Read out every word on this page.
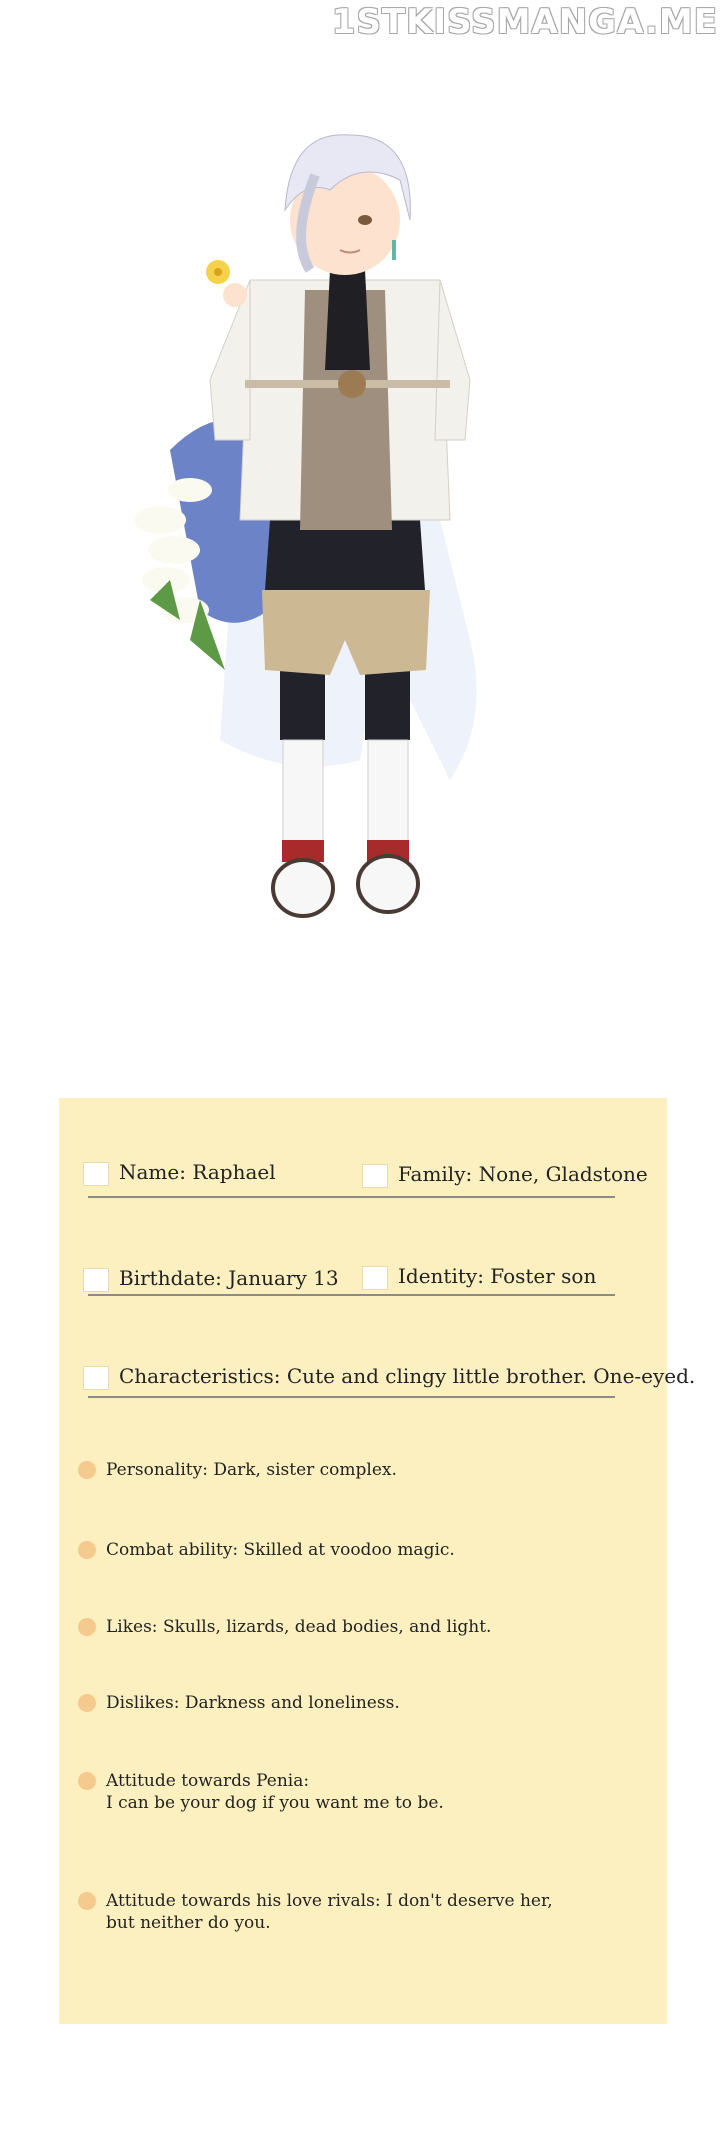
1STKISSMANGA.ME
Name: Raphael	Family: None, Gladstone
Birthdate: January 13	Identity: Foster son
Characteristics: Cute and clingy little brother. One-eyed.
Personality: Dark, sister complex.
Combat ability: Skilled at voodoo magic.
Likes: Skulls, lizards, dead bodies, and light.
Dislikes: Darkness and loneliness.
Attitude towards Penia:
I can be your dog if you want me to be.
Attitude towards his love rivals: I don't deserve her,
but neither do you.
